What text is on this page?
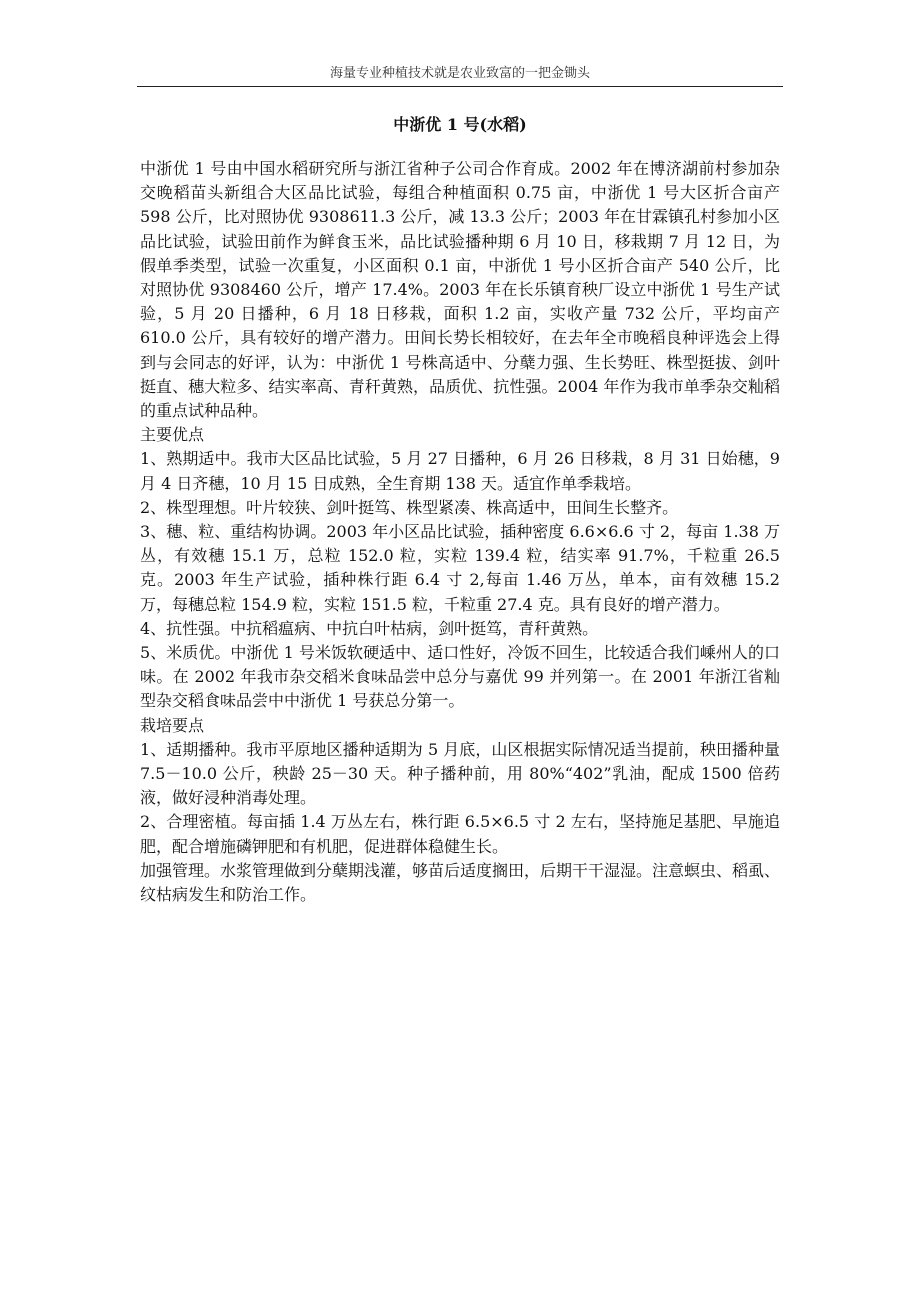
海量专业种植技术就是农业致富的一把金锄头
中浙优 1 号(水稻)

中浙优 1 号由中国水稻研究所与浙江省种子公司合作育成。2002 年在博济湖前村参加杂交晚稻苗头新组合大区品比试验，每组合种植面积 0.75 亩，中浙优 1 号大区折合亩产 598 公斤，比对照协优 9308611.3 公斤，减 13.3 公斤；2003 年在甘霖镇孔村参加小区品比试验，试验田前作为鲜食玉米，品比试验播种期 6 月 10 日，移栽期 7 月 12 日，为假单季类型，试验一次重复，小区面积 0.1 亩，中浙优 1 号小区折合亩产 540 公斤，比对照协优 9308460 公斤，增产 17.4%。2003 年在长乐镇育秧厂设立中浙优 1 号生产试验，5 月 20 日播种，6 月 18 日移栽，面积 1.2 亩，实收产量 732 公斤，平均亩产 610.0 公斤，具有较好的增产潜力。田间长势长相较好，在去年全市晚稻良种评选会上得到与会同志的好评，认为：中浙优 1 号株高适中、分蘖力强、生长势旺、株型挺拔、剑叶挺直、穗大粒多、结实率高、青秆黄熟，品质优、抗性强。2004 年作为我市单季杂交籼稻的重点试种品种。

主要优点

1、熟期适中。我市大区品比试验，5 月 27 日播种，6 月 26 日移栽，8 月 31 日始穗，9 月 4 日齐穗，10 月 15 日成熟，全生育期 138 天。适宜作单季栽培。

2、株型理想。叶片较狭、剑叶挺笃、株型紧凑、株高适中，田间生长整齐。

3、穗、粒、重结构协调。2003 年小区品比试验，插种密度 6.6×6.6 寸 2，每亩 1.38 万丛，有效穗 15.1 万，总粒 152.0 粒，实粒 139.4 粒，结实率 91.7%，千粒重 26.5 克。2003 年生产试验，插种株行距 6.4 寸 2,每亩 1.46 万丛，单本，亩有效穗 15.2 万，每穗总粒 154.9 粒，实粒 151.5 粒，千粒重 27.4 克。具有良好的增产潜力。

4、抗性强。中抗稻瘟病、中抗白叶枯病，剑叶挺笃，青秆黄熟。

5、米质优。中浙优 1 号米饭软硬适中、适口性好，冷饭不回生，比较适合我们嵊州人的口味。在 2002 年我市杂交稻米食味品尝中总分与嘉优 99 并列第一。在 2001 年浙江省籼型杂交稻食味品尝中中浙优 1 号获总分第一。

栽培要点

1、适期播种。我市平原地区播种适期为 5 月底，山区根据实际情况适当提前，秧田播种量 7.5－10.0 公斤，秧龄 25－30 天。种子播种前，用 80%“402”乳油，配成 1500 倍药液，做好浸种消毒处理。

2、合理密植。每亩插 1.4 万丛左右，株行距 6.5×6.5 寸 2 左右，坚持施足基肥、早施追肥，配合增施磷钾肥和有机肥，促进群体稳健生长。

加强管理。水浆管理做到分蘖期浅灌，够苗后适度搁田，后期干干湿湿。注意螟虫、稻虱、纹枯病发生和防治工作。
